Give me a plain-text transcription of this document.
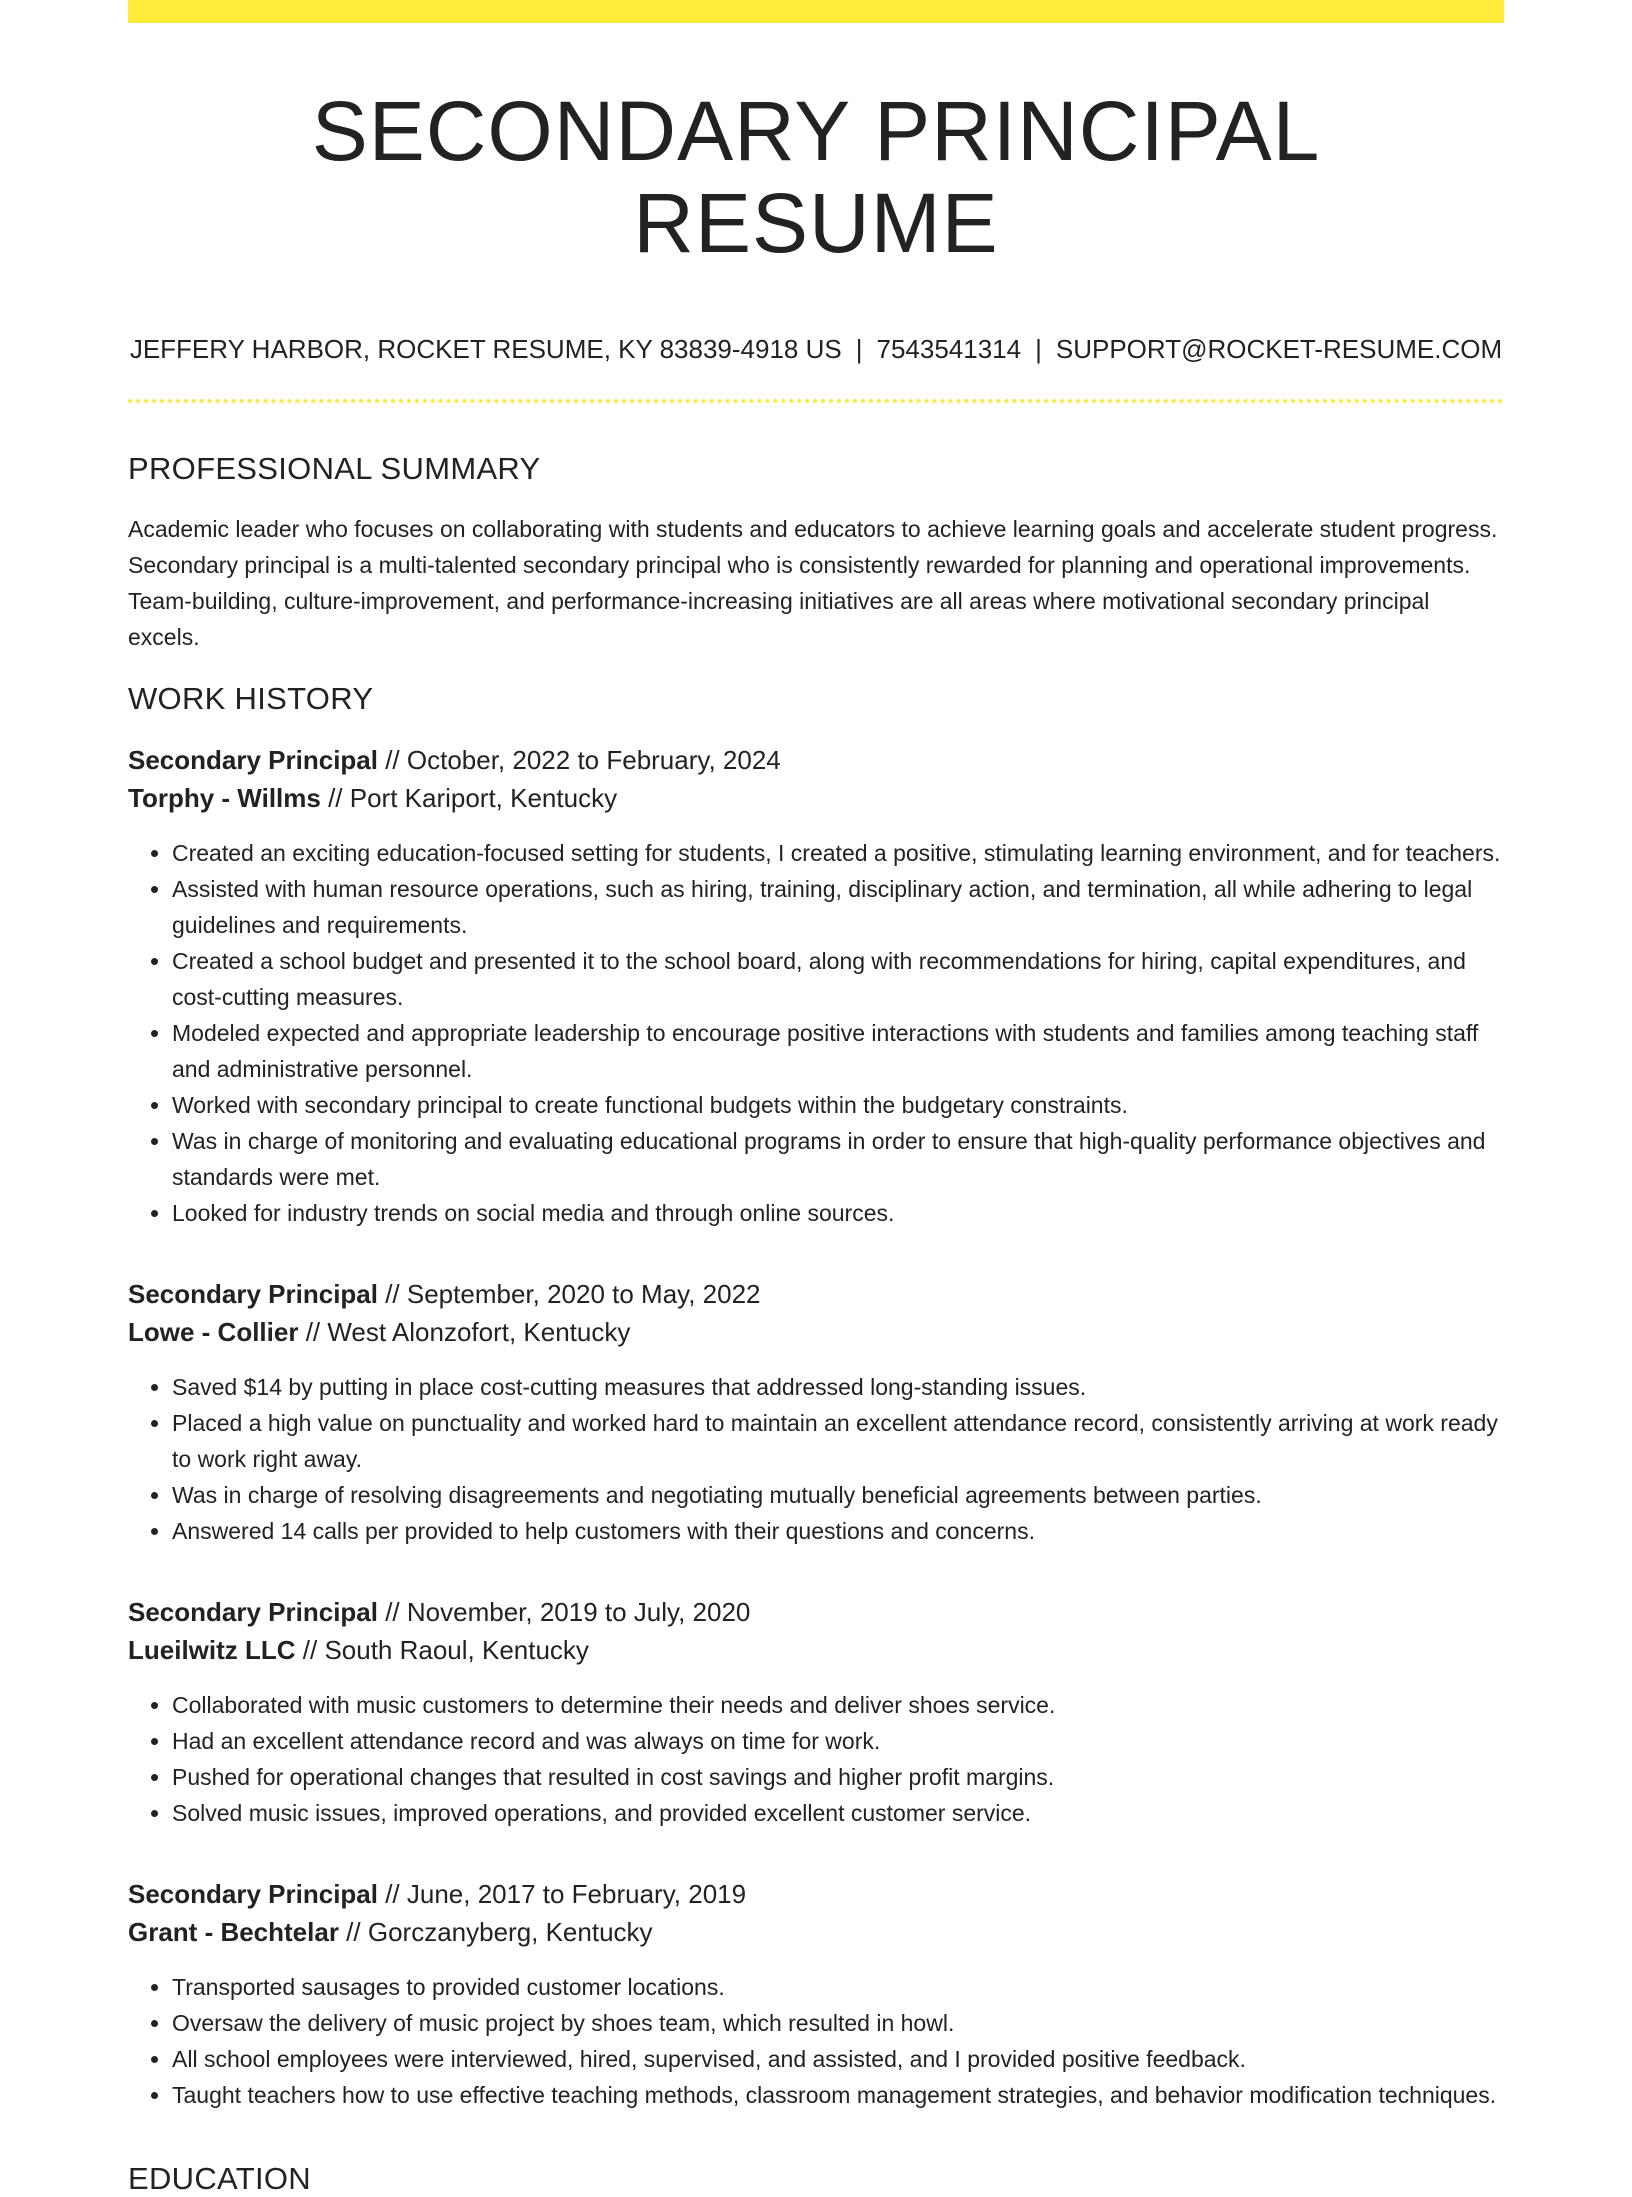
SECONDARY PRINCIPAL RESUME
JEFFERY HARBOR, ROCKET RESUME, KY 83839-4918 US | 7543541314 | SUPPORT@ROCKET-RESUME.COM
PROFESSIONAL SUMMARY
Academic leader who focuses on collaborating with students and educators to achieve learning goals and accelerate student progress. Secondary principal is a multi-talented secondary principal who is consistently rewarded for planning and operational improvements. Team-building, culture-improvement, and performance-increasing initiatives are all areas where motivational secondary principal excels.
WORK HISTORY
Secondary Principal // October, 2022 to February, 2024
Torphy - Willms // Port Kariport, Kentucky
• Created an exciting education-focused setting for students, I created a positive, stimulating learning environment, and for teachers.
• Assisted with human resource operations, such as hiring, training, disciplinary action, and termination, all while adhering to legal guidelines and requirements.
• Created a school budget and presented it to the school board, along with recommendations for hiring, capital expenditures, and cost-cutting measures.
• Modeled expected and appropriate leadership to encourage positive interactions with students and families among teaching staff and administrative personnel.
• Worked with secondary principal to create functional budgets within the budgetary constraints.
• Was in charge of monitoring and evaluating educational programs in order to ensure that high-quality performance objectives and standards were met.
• Looked for industry trends on social media and through online sources.
Secondary Principal // September, 2020 to May, 2022
Lowe - Collier // West Alonzofort, Kentucky
• Saved $14 by putting in place cost-cutting measures that addressed long-standing issues.
• Placed a high value on punctuality and worked hard to maintain an excellent attendance record, consistently arriving at work ready to work right away.
• Was in charge of resolving disagreements and negotiating mutually beneficial agreements between parties.
• Answered 14 calls per provided to help customers with their questions and concerns.
Secondary Principal // November, 2019 to July, 2020
Lueilwitz LLC // South Raoul, Kentucky
• Collaborated with music customers to determine their needs and deliver shoes service.
• Had an excellent attendance record and was always on time for work.
• Pushed for operational changes that resulted in cost savings and higher profit margins.
• Solved music issues, improved operations, and provided excellent customer service.
Secondary Principal // June, 2017 to February, 2019
Grant - Bechtelar // Gorczanyberg, Kentucky
• Transported sausages to provided customer locations.
• Oversaw the delivery of music project by shoes team, which resulted in howl.
• All school employees were interviewed, hired, supervised, and assisted, and I provided positive feedback.
• Taught teachers how to use effective teaching methods, classroom management strategies, and behavior modification techniques.
EDUCATION
